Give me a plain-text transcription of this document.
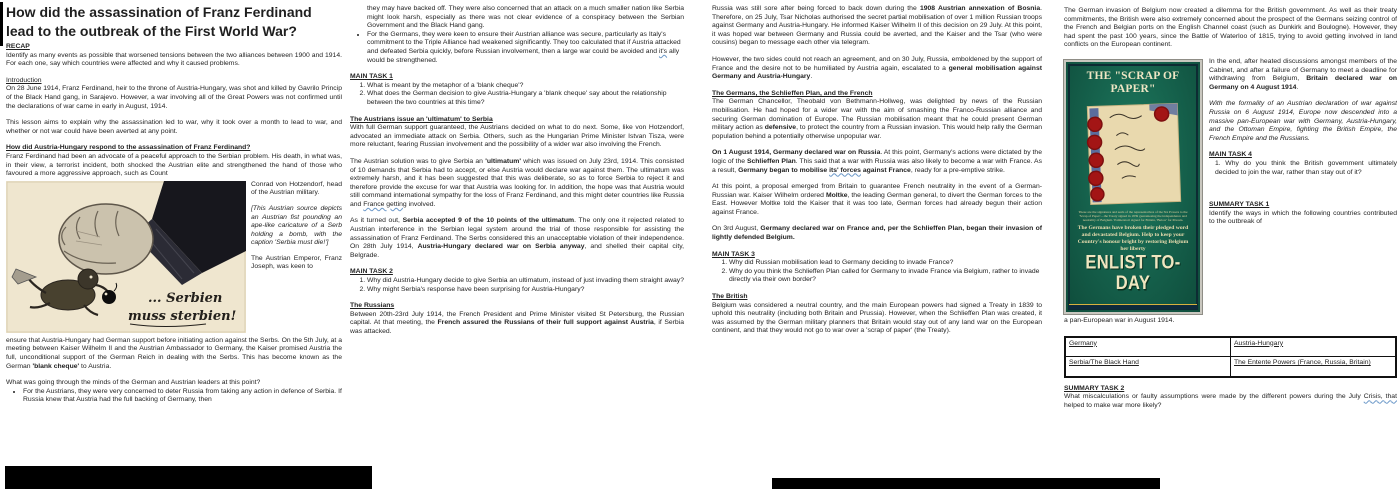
How did the assassination of Franz Ferdinand lead to the outbreak of the First World War?
RECAP

Identify as many events as possible that worsened tensions between the two alliances between 1900 and 1914. For each one, say which countries were affected and why it caused problems.

Introduction

On 28 June 1914, Franz Ferdinand, heir to the throne of Austria-Hungary, was shot and killed by Gavrilo Princip of the Black Hand gang, in Sarajevo. However, a war involving all of the Great Powers was not confirmed until the declarations of war came in early in August, 1914.

This lesson aims to explain why the assassination led to war, why it took over a month to lead to war, and whether or not war could have been averted at any point.

How did Austria-Hungary respond to the assassination of Franz Ferdinand?

Franz Ferdinand had been an advocate of a peaceful approach to the Serbian problem. His death, in what was, in their view, a terrorist incident, both shocked the Austrian elite and strengthened the hand of those who favoured a more aggressive approach, such as Count

... Serbien
muss sterbien!

Conrad von Hotzendorf, head of the Austrian military.

[This Austrian source depicts an Austrian fist pounding an ape-like caricature of a Serb holding a bomb, with the caption 'Serbia must die!']

The Austrian Emperor, Franz Joseph, was keen to

ensure that Austria-Hungary had German support before initiating action against the Serbs. On the 5th July, at a meeting between Kaiser Wilhelm II and the Austrian Ambassador to Germany, the Kaiser promised Austria the full, unconditional support of the German Reich in dealing with the Serbs. This has become known as the German 'blank cheque' to Austria.

What was going through the minds of the German and Austrian leaders at this point?

• For the Austrians, they were very concerned to deter Russia from taking any action in defence of Serbia. If Russia knew that Austria had the full backing of Germany, then

they may have backed off. They were also concerned that an attack on a much smaller nation like Serbia might look harsh, especially as there was not clear evidence of a conspiracy between the Serbian Government and the Black Hand gang.

• For the Germans, they were keen to ensure their Austrian alliance was secure, particularly as Italy's commitment to the Triple Alliance had weakened significantly. They too calculated that if Austria attacked and defeated Serbia quickly, before Russian involvement, then a large war could be avoided and it's ally would be strengthened.
MAIN TASK 1
1. What is meant by the metaphor of a 'blank cheque'?
2. What does the German decision to give Austria-Hungary a 'blank cheque' say about the relationship between the two countries at this time?
The Austrians issue an 'ultimatum' to Serbia

With full German support guaranteed, the Austrians decided on what to do next. Some, like von Hotzendorf, advocated an immediate attack on Serbia. Others, such as the Hungarian Prime Minister Istvan Tisza, were more reluctant, fearing Russian involvement and the possibility of a wider war also involving the French.

The Austrian solution was to give Serbia an 'ultimatum' which was issued on July 23rd, 1914. This consisted of 10 demands that Serbia had to accept, or else Austria would declare war against them. The ultimatum was extremely harsh, and it has been suggested that this was deliberate, so as to force Serbia to reject it and therefore provide the excuse for war that Austria was looking for. In addition, the hope was that Austria would still command international sympathy for the loss of Franz Ferdinand, and this might deter countries like Russia and France getting involved.

As it turned out, Serbia accepted 9 of the 10 points of the ultimatum. The only one it rejected related to Austrian interference in the Serbian legal system around the trial of those responsible for assisting the assassination of Franz Ferdinand. The Serbs considered this an unacceptable violation of their independence. On 28th July 1914, Austria-Hungary declared war on Serbia anyway, and shelled their capital city, Belgrade.

MAIN TASK 2
1. Why did Austria-Hungary decide to give Serbia an ultimatum, instead of just invading them straight away?
2. Why might Serbia's response have been surprising for Austria-Hungary?
The Russians

Between 20th-23rd July 1914, the French President and Prime Minister visited St Petersburg, the Russian capital. At that meeting, the French assured the Russians of their full support against Austria, if Serbia was attacked.

Russia was still sore after being forced to back down during the 1908 Austrian annexation of Bosnia. Therefore, on 25 July, Tsar Nicholas authorised the secret partial mobilisation of over 1 million Russian troops against Germany and Austria-Hungary. He informed Kaiser Wilhelm II of this decision on 29 July. At this point, it was hoped war between Germany and Russia could be averted, and the Kaiser and the Tsar (who were cousins) began to message each other via telegram.

However, the two sides could not reach an agreement, and on 30 July, Russia, emboldened by the support of France and the desire not to be humiliated by Austria again, escalated to a general mobilisation against Germany and Austria-Hungary.

The Germans, the Schlieffen Plan, and the French

The German Chancellor, Theobald von Bethmann-Hollweg, was delighted by news of the Russian mobilisation. He had hoped for a wider war with the aim of smashing the Franco-Russian alliance and securing German domination of Europe. The Russian mobilisation meant that he could present German military action as defensive, to protect the country from a Russian invasion. This would help rally the German population behind a potentially otherwise unpopular war.

On 1 August 1914, Germany declared war on Russia. At this point, Germany's actions were dictated by the logic of the Schlieffen Plan. This said that a war with Russia was also likely to become a war with France. As a result, Germany began to mobilise its' forces against France, ready for a pre-emptive strike.

At this point, a proposal emerged from Britain to guarantee French neutrality in the event of a German-Russian war. Kaiser Wilhelm ordered Moltke, the leading German general, to divert the German forces to the East. However Moltke told the Kaiser that it was too late, German forces had already begun their action against France.

On 3rd August, Germany declared war on France and, per the Schlieffen Plan, began their invasion of lightly defended Belgium.

MAIN TASK 3
1. Why did Russian mobilisation lead to Germany deciding to invade France?
2. Why do you think the Schlieffen Plan called for Germany to invade France via Belgium, rather to invade directly via their own border?
The British

Belgium was considered a neutral country, and the main European powers had signed a Treaty in 1839 to uphold this neutrality (including both Britain and Prussia). However, when the Schlieffen Plan was created, it was assumed by the German military planners that Britain would stay out of any land war on the European continent, and that they would not go to war over a 'scrap of paper' (the Treaty).

The German invasion of Belgium now created a dilemma for the British government. As well as their treaty commitments, the British were also extremely concerned about the prospect of the Germans seizing control of the French and Belgian ports on the English Channel coast (such as Dunkirk and Boulogne). However, they had spent the past 100 years, since the Battle of Waterloo of 1815, trying to avoid getting involved in land conflicts on the European continent.

THE "SCRAP OF PAPER"
These are the signatures and seals of the representatives of the Six Powers to the 'Scrap of Paper'—the Treaty signed in 1839 guaranteeing the independence and neutrality of Belgium. 'Palmerston' signed for Britain, 'Bulow' for Prussia.
The Germans have broken their pledged word and devastated Belgium. Help to keep your Country's honour bright by restoring Belgium
her liberty
ENLIST TO-DAY

In the end, after heated discussions amongst members of the Cabinet, and after a failure of Germany to meet a deadline for withdrawing from Belgium, Britain declared war on Germany on 4 August 1914.

With the formality of an Austrian declaration of war against Russia on 6 August 1914, Europe now descended into a massive pan-European war with Germany, Austria-Hungary, and the Ottoman Empire, fighting the British Empire, the French Empire and the Russians.

MAIN TASK 4

1. Why do you think the British government ultimately decided to join the war, rather than stay out of it?

SUMMARY TASK 1

Identify the ways in which the following countries contributed to the outbreak of

a pan-European war in August 1914.

Germany	Austria-Hungary
Serbia/The Black Hand	The Entente Powers (France, Russia, Britain)
SUMMARY TASK 2

What miscalculations or faulty assumptions were made by the different powers during the July Crisis, that helped to make war more likely?
